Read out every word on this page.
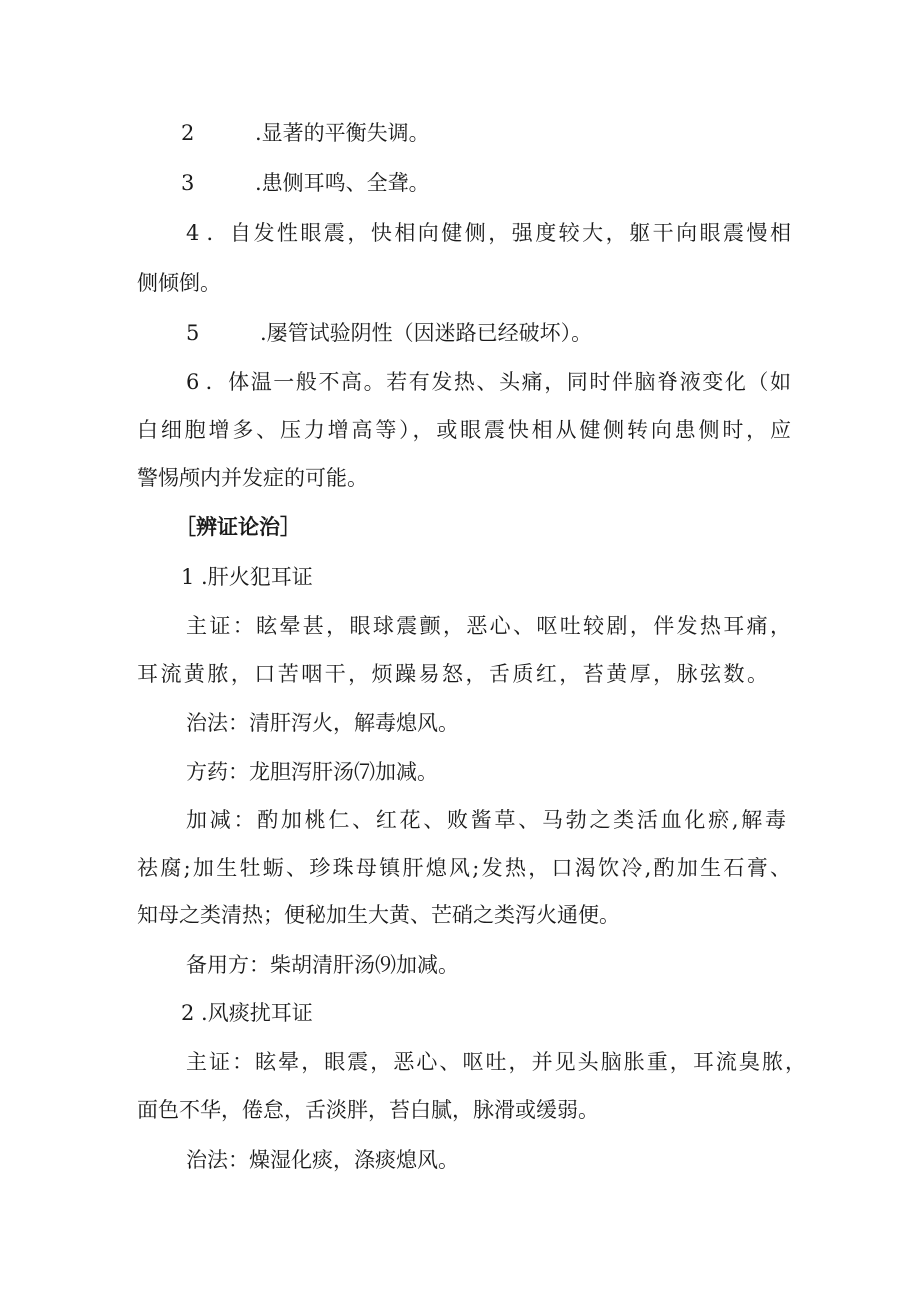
2	.显著的平衡失调。
3	.患侧耳鸣、全聋。
4 ．自发性眼震，快相向健侧，强度较大，躯干向眼震慢相
侧倾倒。
5	.屡管试验阴性（因迷路已经破坏）。
6 ．体温一般不高。若有发热、头痛，同时伴脑脊液变化（如
白细胞增多、压力增高等），或眼震快相从健侧转向患侧时，应
警惕颅内并发症的可能。
［辨证论治］
1 .肝火犯耳证
主证：眩晕甚，眼球震颤，恶心、呕吐较剧，伴发热耳痛，
耳流黄脓，口苦咽干，烦躁易怒，舌质红，苔黄厚，脉弦数。
治法：清肝泻火，解毒熄风。
方药：龙胆泻肝汤⑺加减。
加减：酌加桃仁、红花、败酱草、马勃之类活血化瘀,解毒
祛腐;加生牡蛎、珍珠母镇肝熄风;发热，口渴饮冷,酌加生石膏、
知母之类清热；便秘加生大黄、芒硝之类泻火通便。
备用方：柴胡清肝汤⑼加减。
2 .风痰扰耳证
主证：眩晕，眼震，恶心、呕吐，并见头脑胀重，耳流臭脓，
面色不华，倦怠，舌淡胖，苔白腻，脉滑或缓弱。
治法：燥湿化痰，涤痰熄风。
